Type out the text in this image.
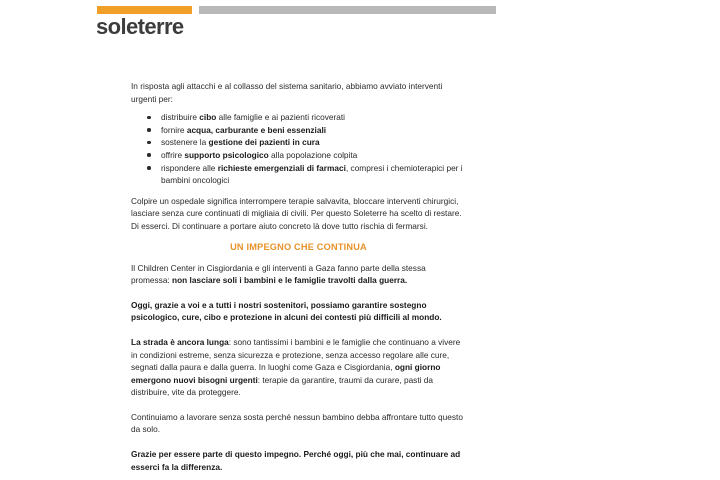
soleterre

In risposta agli attacchi e al collasso del sistema sanitario, abbiamo avviato interventi urgenti per:

distribuire cibo alle famiglie e ai pazienti ricoverati
fornire acqua, carburante e beni essenziali
sostenere la gestione dei pazienti in cura
offrire supporto psicologico alla popolazione colpita
rispondere alle richieste emergenziali di farmaci, compresi i chemioterapici per i bambini oncologici

Colpire un ospedale significa interrompere terapie salvavita, bloccare interventi chirurgici, lasciare senza cure continuati di migliaia di civili. Per questo Soleterre ha scelto di restare. Di esserci. Di continuare a portare aiuto concreto là dove tutto rischia di fermarsi.

UN IMPEGNO CHE CONTINUA

Il Children Center in Cisgiordania e gli interventi a Gaza fanno parte della stessa promessa: non lasciare soli i bambini e le famiglie travolti dalla guerra.

Oggi, grazie a voi e a tutti i nostri sostenitori, possiamo garantire sostegno psicologico, cure, cibo e protezione in alcuni dei contesti più difficili al mondo.

La strada è ancora lunga: sono tantissimi i bambini e le famiglie che continuano a vivere in condizioni estreme, senza sicurezza e protezione, senza accesso regolare alle cure, segnati dalla paura e dalla guerra. In luoghi come Gaza e Cisgiordania, ogni giorno emergono nuovi bisogni urgenti: terapie da garantire, traumi da curare, pasti da distribuire, vite da proteggere.

Continuiamo a lavorare senza sosta perché nessun bambino debba affrontare tutto questo da solo.

Grazie per essere parte di questo impegno. Perché oggi, più che mai, continuare ad esserci fa la differenza.
